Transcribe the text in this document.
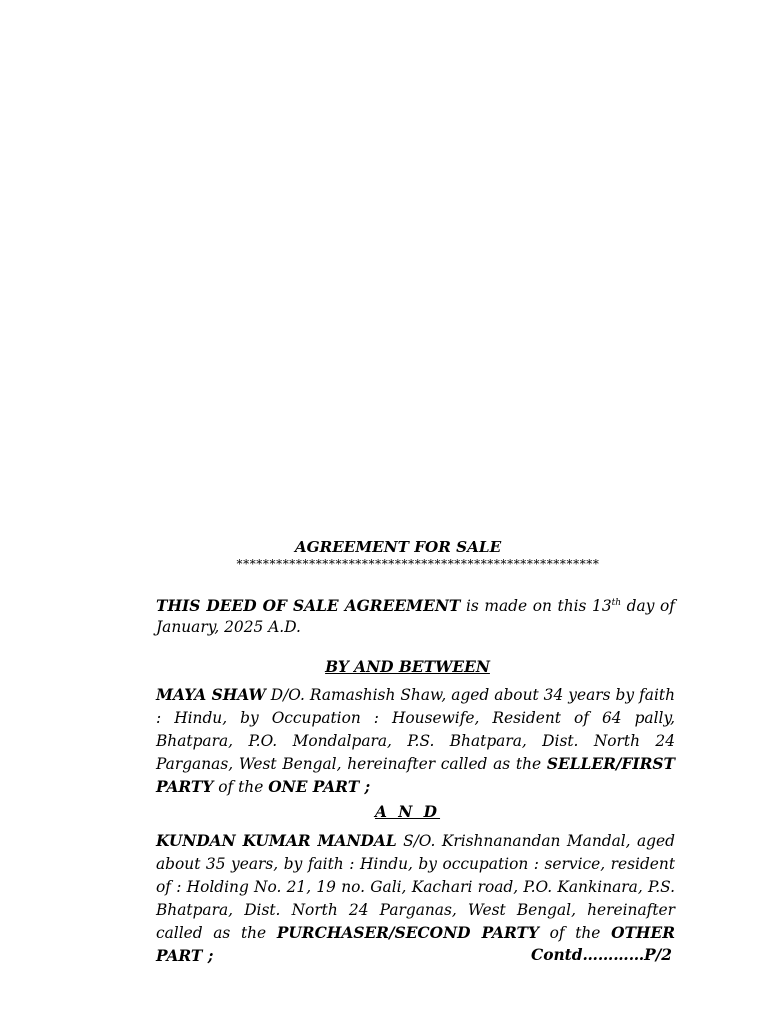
AGREEMENT FOR SALE
*******************************************************
THIS DEED OF SALE AGREEMENT is made on this 13th day of January, 2025 A.D.
BY AND BETWEEN
MAYA SHAW D/O. Ramashish Shaw, aged about 34 years by faith : Hindu, by Occupation : Housewife, Resident of 64 pally, Bhatpara, P.O. Mondalpara, P.S. Bhatpara, Dist. North 24 Parganas, West Bengal, hereinafter called as the SELLER/FIRST PARTY of the ONE PART ;
A N D
KUNDAN KUMAR MANDAL S/O. Krishnanandan Mandal, aged about 35 years, by faith : Hindu, by occupation : service, resident of : Holding No. 21, 19 no. Gali, Kachari road, P.O. Kankinara, P.S. Bhatpara, Dist. North 24 Parganas, West Bengal, hereinafter called as the PURCHASER/SECOND PARTY of the OTHER PART ;	Contd…………P/2
